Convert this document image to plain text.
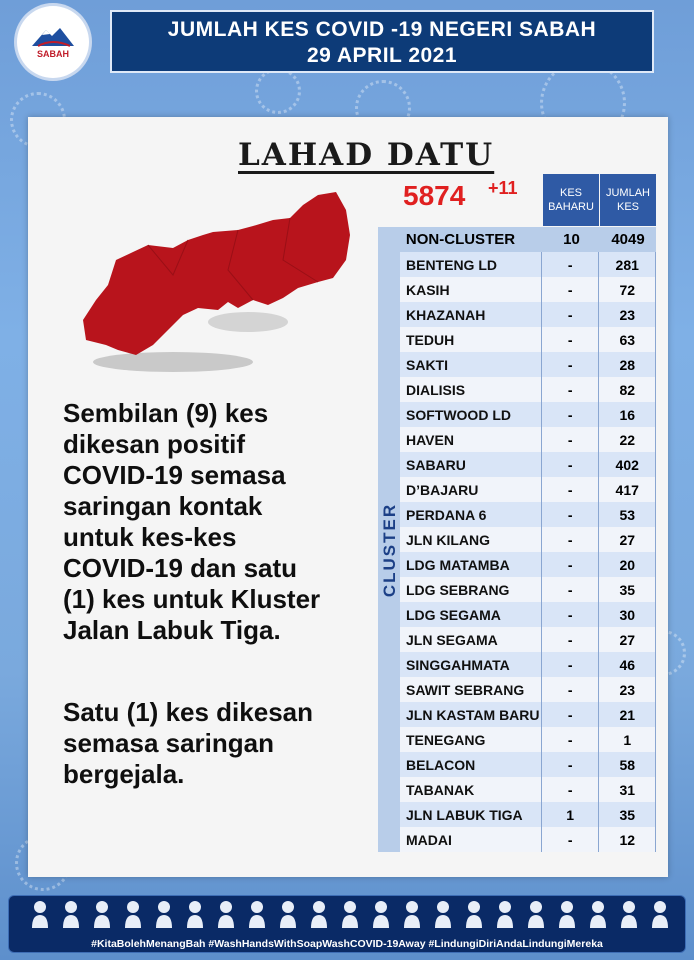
SABAH
JUMLAH KES COVID -19 NEGERI SABAH
29 APRIL 2021
LAHAD DATU
5874 +11
Sembilan (9) kes
dikesan positif
COVID-19 semasa
saringan kontak
untuk kes-kes
COVID-19 dan satu
(1) kes untuk Kluster
Jalan Labuk Tiga.
Satu (1) kes dikesan
semasa saringan
bergejala.
KES BAHARU
JUMLAH KES
NON-CLUSTER	10	4049
CLUSTER
BENTENG LD	-	281
KASIH	-	72
KHAZANAH	-	23
TEDUH	-	63
SAKTI	-	28
DIALISIS	-	82
SOFTWOOD LD	-	16
HAVEN	-	22
SABARU	-	402
D’BAJARU	-	417
PERDANA 6	-	53
JLN KILANG	-	27
LDG MATAMBA	-	20
LDG SEBRANG	-	35
LDG SEGAMA	-	30
JLN SEGAMA	-	27
SINGGAHMATA	-	46
SAWIT SEBRANG	-	23
JLN KASTAM BARU	-	21
TENEGANG	-	1
BELACON	-	58
TABANAK	-	31
JLN LABUK TIGA	1	35
MADAI	-	12
#KitaBolehMenangBah #WashHandsWithSoapWashCOVID-19Away #LindungiDiriAndaLindungiMereka
